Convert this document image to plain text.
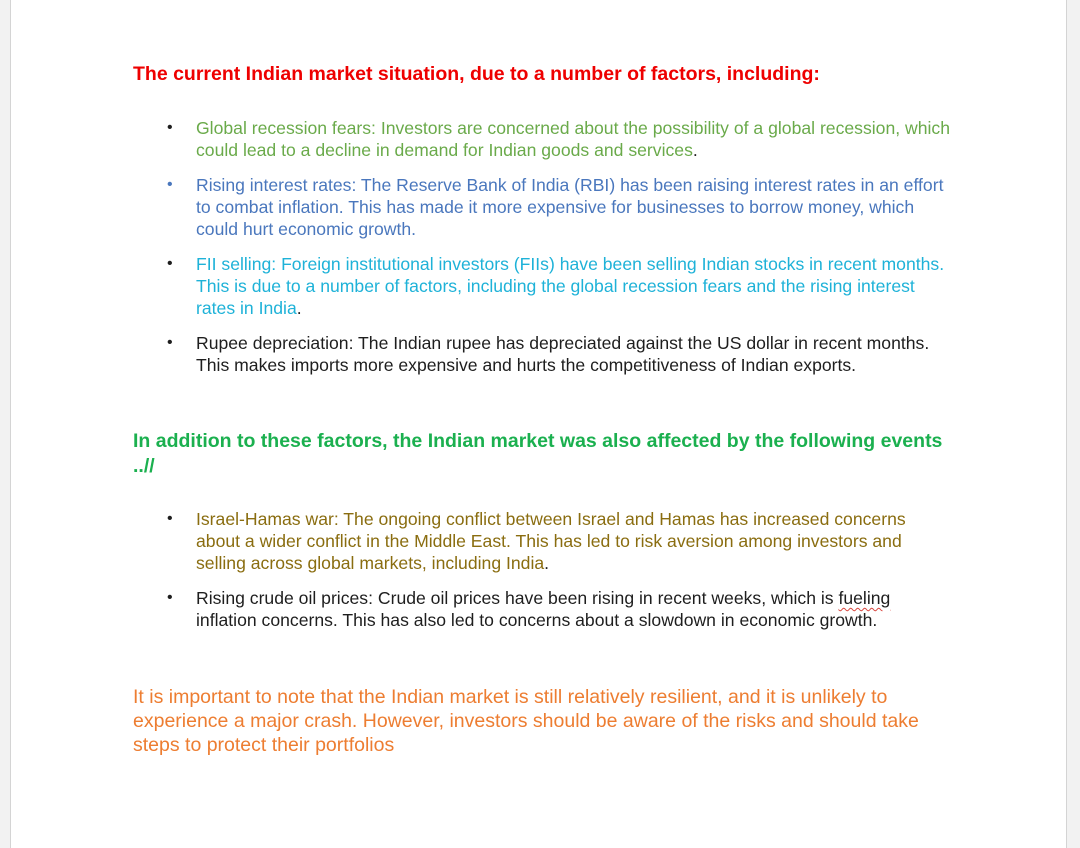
The current Indian market situation, due to a number of factors, including:
• Global recession fears: Investors are concerned about the possibility of a global recession, which could lead to a decline in demand for Indian goods and services.
• Rising interest rates: The Reserve Bank of India (RBI) has been raising interest rates in an effort to combat inflation. This has made it more expensive for businesses to borrow money, which could hurt economic growth.
• FII selling: Foreign institutional investors (FIIs) have been selling Indian stocks in recent months. This is due to a number of factors, including the global recession fears and the rising interest rates in India.
• Rupee depreciation: The Indian rupee has depreciated against the US dollar in recent months. This makes imports more expensive and hurts the competitiveness of Indian exports.
In addition to these factors, the Indian market was also affected by the following events ..//
• Israel-Hamas war: The ongoing conflict between Israel and Hamas has increased concerns about a wider conflict in the Middle East. This has led to risk aversion among investors and selling across global markets, including India.
• Rising crude oil prices: Crude oil prices have been rising in recent weeks, which is fueling inflation concerns. This has also led to concerns about a slowdown in economic growth.

It is important to note that the Indian market is still relatively resilient, and it is unlikely to experience a major crash. However, investors should be aware of the risks and should take steps to protect their portfolios
